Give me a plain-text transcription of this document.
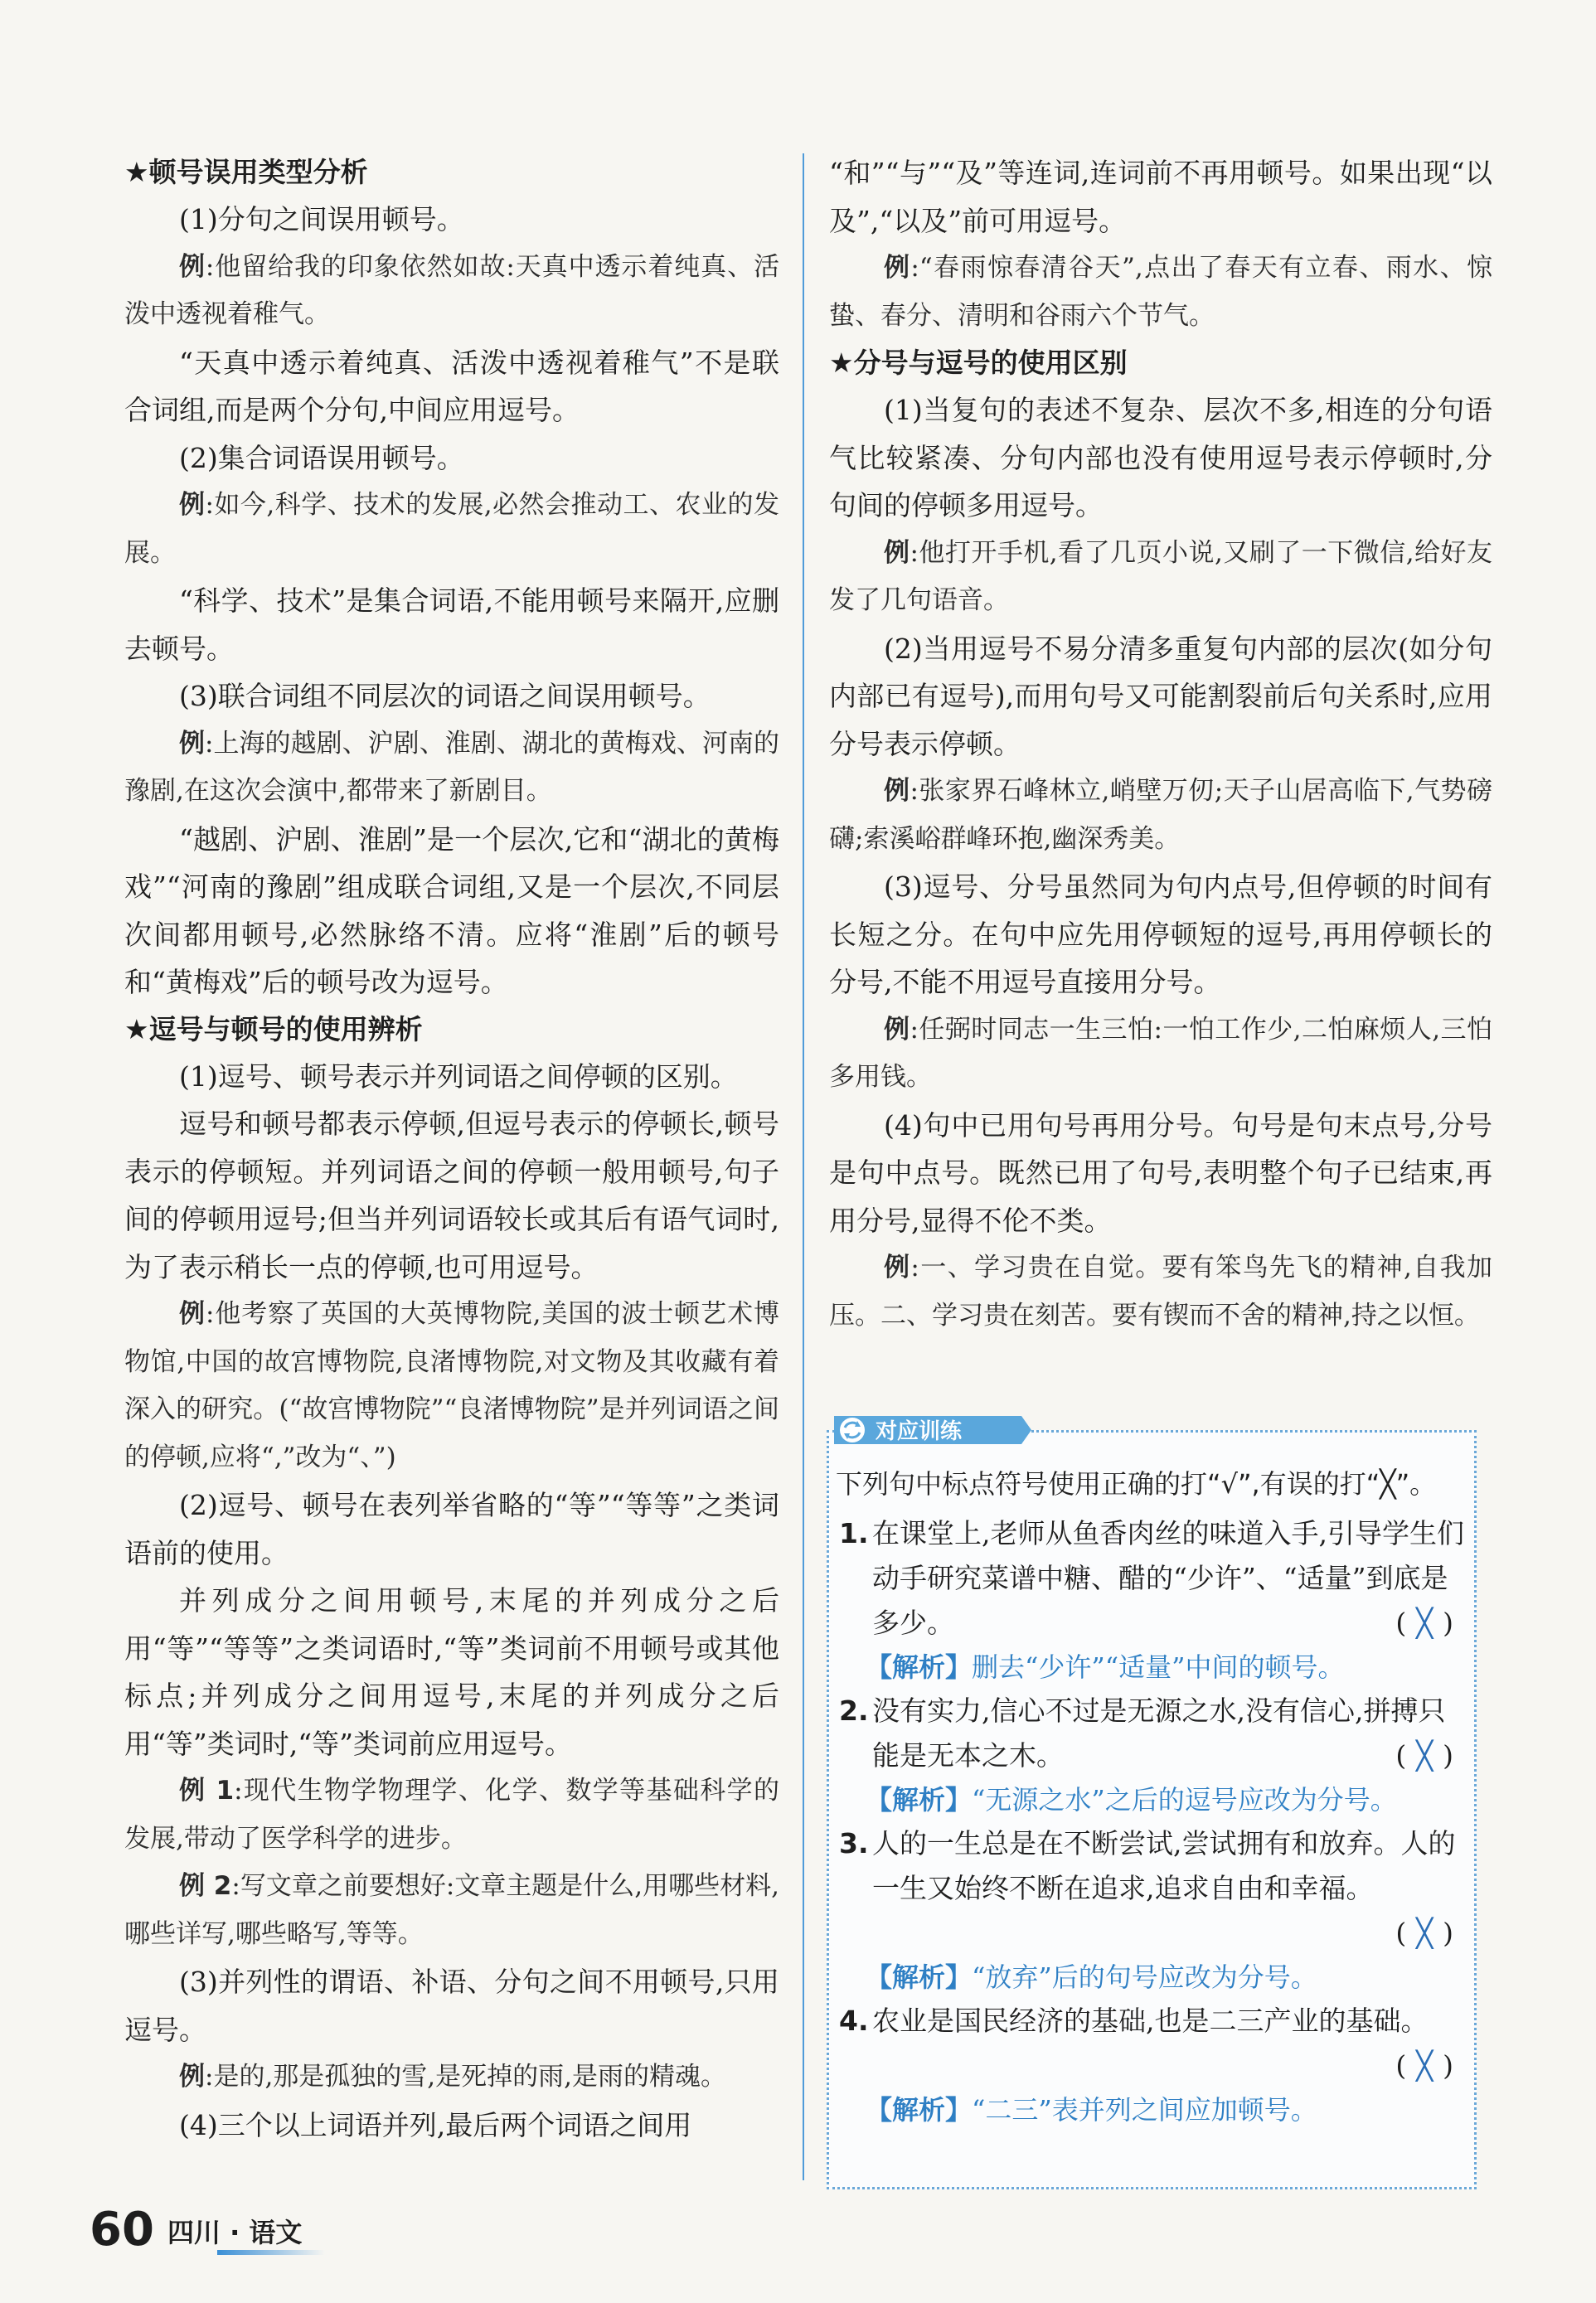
★顿号误用类型分析

(1)分句之间误用顿号。

例:他留给我的印象依然如故:天真中透示着纯真、活泼中透视着稚气。

“天真中透示着纯真、活泼中透视着稚气”不是联合词组,而是两个分句,中间应用逗号。

(2)集合词语误用顿号。

例:如今,科学、技术的发展,必然会推动工、农业的发展。

“科学、技术”是集合词语,不能用顿号来隔开,应删去顿号。

(3)联合词组不同层次的词语之间误用顿号。

例:上海的越剧、沪剧、淮剧、湖北的黄梅戏、河南的豫剧,在这次会演中,都带来了新剧目。

“越剧、沪剧、淮剧”是一个层次,它和“湖北的黄梅戏”“河南的豫剧”组成联合词组,又是一个层次,不同层次间都用顿号,必然脉络不清。应将“淮剧”后的顿号和“黄梅戏”后的顿号改为逗号。

★逗号与顿号的使用辨析

(1)逗号、顿号表示并列词语之间停顿的区别。

逗号和顿号都表示停顿,但逗号表示的停顿长,顿号表示的停顿短。并列词语之间的停顿一般用顿号,句子间的停顿用逗号;但当并列词语较长或其后有语气词时,为了表示稍长一点的停顿,也可用逗号。

例:他考察了英国的大英博物院,美国的波士顿艺术博物馆,中国的故宫博物院,良渚博物院,对文物及其收藏有着深入的研究。(“故宫博物院”“良渚博物院”是并列词语之间的停顿,应将“,”改为“、”)

(2)逗号、顿号在表列举省略的“等”“等等”之类词语前的使用。

并列成分之间用顿号,末尾的并列成分之后用“等”“等等”之类词语时,“等”类词前不用顿号或其他标点;并列成分之间用逗号,末尾的并列成分之后用“等”类词时,“等”类词前应用逗号。

例 1:现代生物学物理学、化学、数学等基础科学的发展,带动了医学科学的进步。

例 2:写文章之前要想好:文章主题是什么,用哪些材料,哪些详写,哪些略写,等等。

(3)并列性的谓语、补语、分句之间不用顿号,只用逗号。

例:是的,那是孤独的雪,是死掉的雨,是雨的精魂。

(4)三个以上词语并列,最后两个词语之间用

“和”“与”“及”等连词,连词前不再用顿号。如果出现“以及”,“以及”前可用逗号。

例:“春雨惊春清谷天”,点出了春天有立春、雨水、惊蛰、春分、清明和谷雨六个节气。

★分号与逗号的使用区别

(1)当复句的表述不复杂、层次不多,相连的分句语气比较紧凑、分句内部也没有使用逗号表示停顿时,分句间的停顿多用逗号。

例:他打开手机,看了几页小说,又刷了一下微信,给好友发了几句语音。

(2)当用逗号不易分清多重复句内部的层次(如分句内部已有逗号),而用句号又可能割裂前后句关系时,应用分号表示停顿。

例:张家界石峰林立,峭壁万仞;天子山居高临下,气势磅礴;索溪峪群峰环抱,幽深秀美。

(3)逗号、分号虽然同为句内点号,但停顿的时间有长短之分。在句中应先用停顿短的逗号,再用停顿长的分号,不能不用逗号直接用分号。

例:任弼时同志一生三怕:一怕工作少,二怕麻烦人,三怕多用钱。

(4)句中已用句号再用分号。句号是句末点号,分号是句中点号。既然已用了句号,表明整个句子已结束,再用分号,显得不伦不类。

例:一、学习贵在自觉。要有笨鸟先飞的精神,自我加压。二、学习贵在刻苦。要有锲而不舍的精神,持之以恒。

下列句中标点符号使用正确的打“√”,有误的打“╳”。
1. 在课堂上,老师从鱼香肉丝的味道入手,引导学生们动手研究菜谱中糖、醋的“少许”、“适量”到底是多少。	( ╳ )
【解析】删去“少许”“适量”中间的顿号。
2. 没有实力,信心不过是无源之水,没有信心,拼搏只能是无本之木。	( ╳ )
【解析】“无源之水”之后的逗号应改为分号。
3. 人的一生总是在不断尝试,尝试拥有和放弃。人的一生又始终不断在追求,追求自由和幸福。
( ╳ )
【解析】“放弃”后的句号应改为分号。
4. 农业是国民经济的基础,也是二三产业的基础。
( ╳ )
【解析】“二三”表并列之间应加顿号。
对应训练
60 四川 · 语文
